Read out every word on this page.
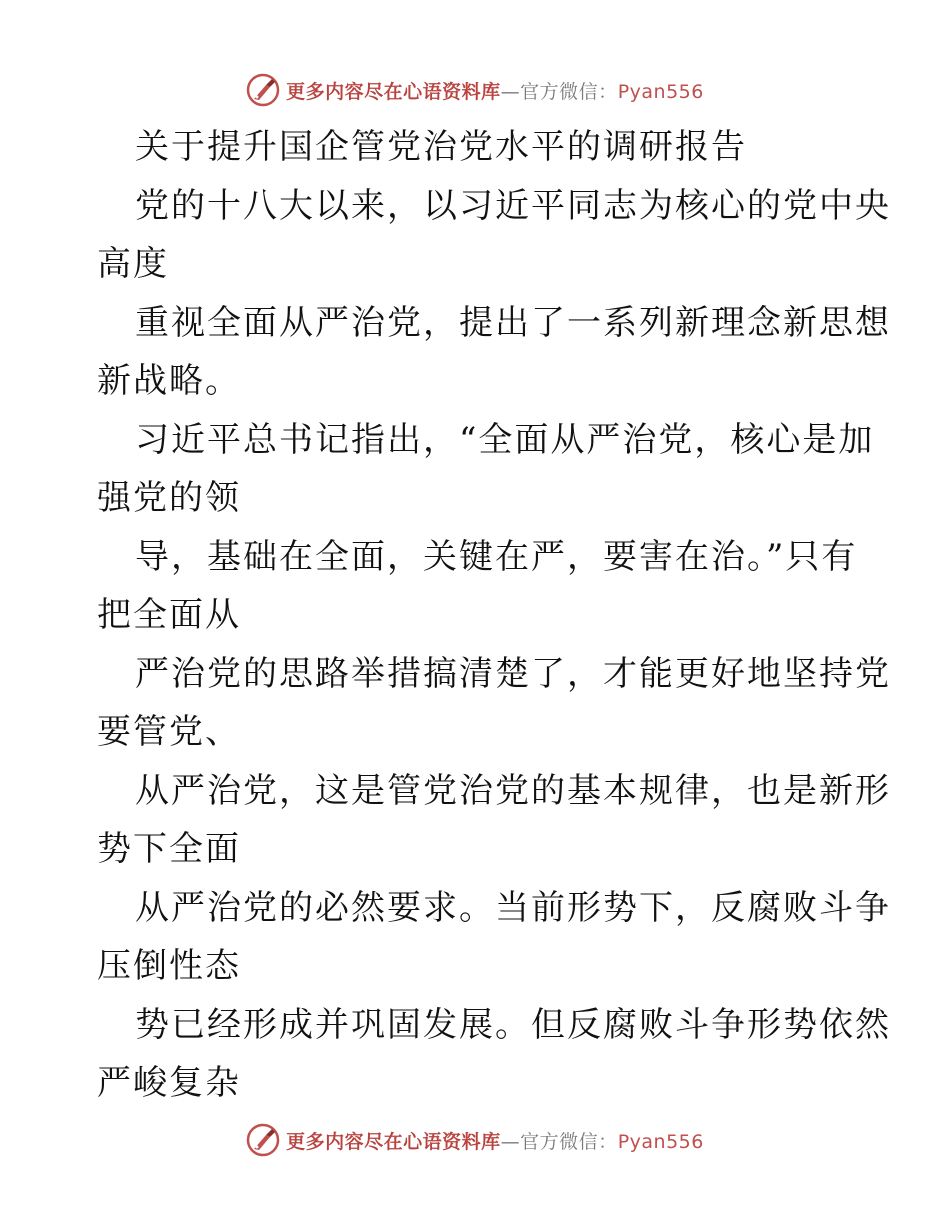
更多内容尽在心语资料库—官方微信：Pyan556
关于提升国企管党治党水平的调研报告
党的十八大以来，以习近平同志为核心的党中央
高度
重视全面从严治党，提出了一系列新理念新思想
新战略。
习近平总书记指出，“全面从严治党，核心是加
强党的领
导，基础在全面，关键在严，要害在治。”只有
把全面从
严治党的思路举措搞清楚了，才能更好地坚持党
要管党、
从严治党，这是管党治党的基本规律，也是新形
势下全面
从严治党的必然要求。当前形势下，反腐败斗争
压倒性态
势已经形成并巩固发展。但反腐败斗争形势依然
严峻复杂
更多内容尽在心语资料库—官方微信：Pyan556
